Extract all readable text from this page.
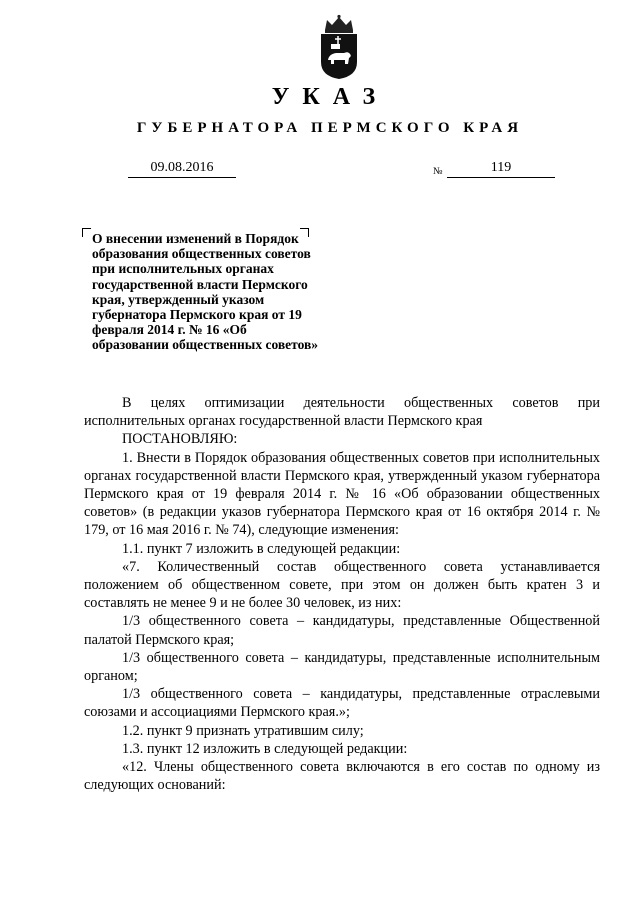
УКАЗ
ГУБЕРНАТОРА ПЕРМСКОГО КРАЯ
09.08.2016	№	119
О внесении изменений в Порядок образования общественных советов при исполнительных органах государственной власти Пермского края, утвержденный указом губернатора Пермского края от 19 февраля 2014 г. № 16 «Об образовании общественных советов»

В целях оптимизации деятельности общественных советов при исполнительных органах государственной власти Пермского края

ПОСТАНОВЛЯЮ:

1. Внести в Порядок образования общественных советов при исполнительных органах государственной власти Пермского края, утвержденный указом губернатора Пермского края от 19 февраля 2014 г. № 16 «Об образовании общественных советов» (в редакции указов губернатора Пермского края от 16 октября 2014 г. № 179, от 16 мая 2016 г. № 74), следующие изменения:

1.1. пункт 7 изложить в следующей редакции:

«7. Количественный состав общественного совета устанавливается положением об общественном совете, при этом он должен быть кратен 3 и составлять не менее 9 и не более 30 человек, из них:

1/3 общественного совета – кандидатуры, представленные Общественной палатой Пермского края;

1/3 общественного совета – кандидатуры, представленные исполнительным органом;

1/3 общественного совета – кандидатуры, представленные отраслевыми союзами и ассоциациями Пермского края.»;

1.2. пункт 9 признать утратившим силу;

1.3. пункт 12 изложить в следующей редакции:

«12. Члены общественного совета включаются в его состав по одному из следующих оснований:
